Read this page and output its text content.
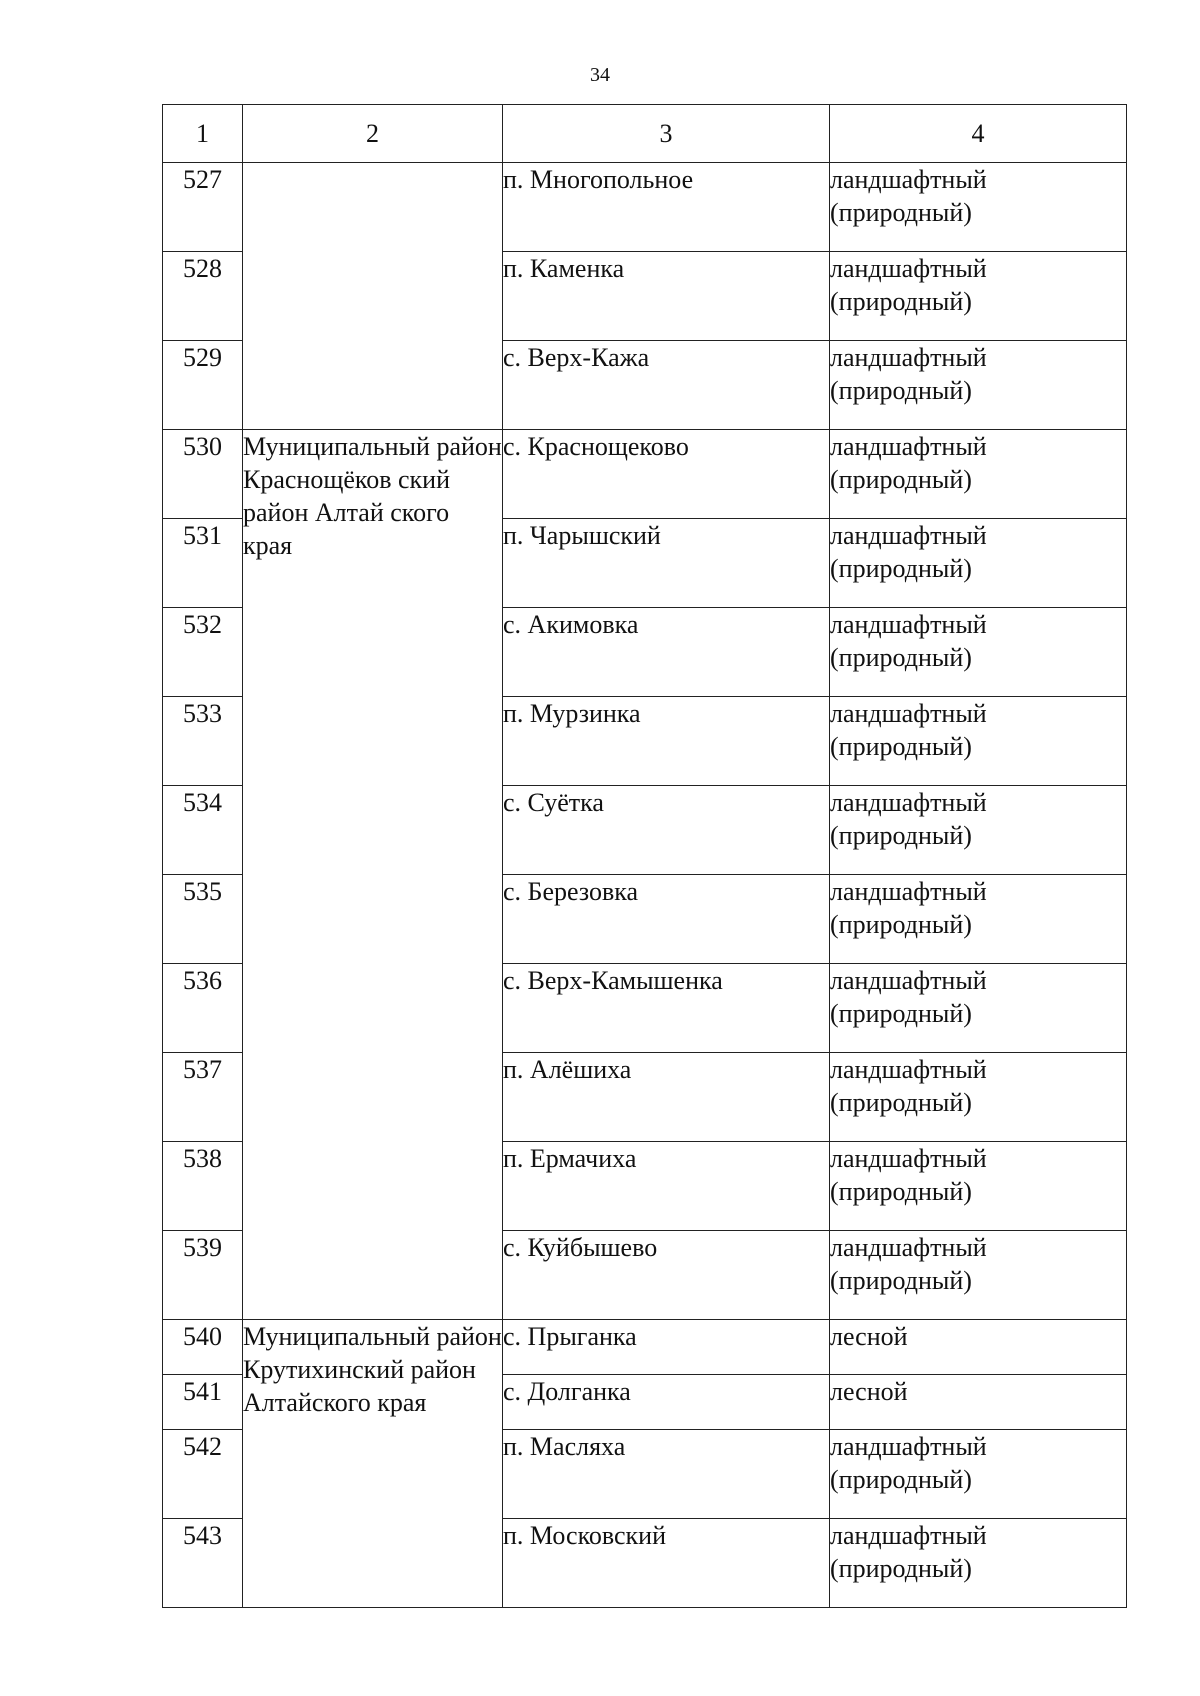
34
1	2	3	4
527		п. Многопольное	ландшафтный (природный)
528		п. Каменка	ландшафтный (природный)
529		с. Верх-Кажа	ландшафтный (природный)
530	Муниципальный район Краснощёков ский район Алтай ского края	с. Краснощеково	ландшафтный (природный)
531		п. Чарышский	ландшафтный (природный)
532		с. Акимовка	ландшафтный (природный)
533		п. Мурзинка	ландшафтный (природный)
534		с. Суётка	ландшафтный (природный)
535		с. Березовка	ландшафтный (природный)
536		с. Верх-Камышенка	ландшафтный (природный)
537		п. Алёшиха	ландшафтный (природный)
538		п. Ермачиха	ландшафтный (природный)
539		с. Куйбышево	ландшафтный (природный)
540	Муниципальный район Крутихинский район Алтайского края	с. Прыганка	лесной
541		с. Долганка	лесной
542		п. Масляха	ландшафтный (природный)
543		п. Московский	ландшафтный (природный)
